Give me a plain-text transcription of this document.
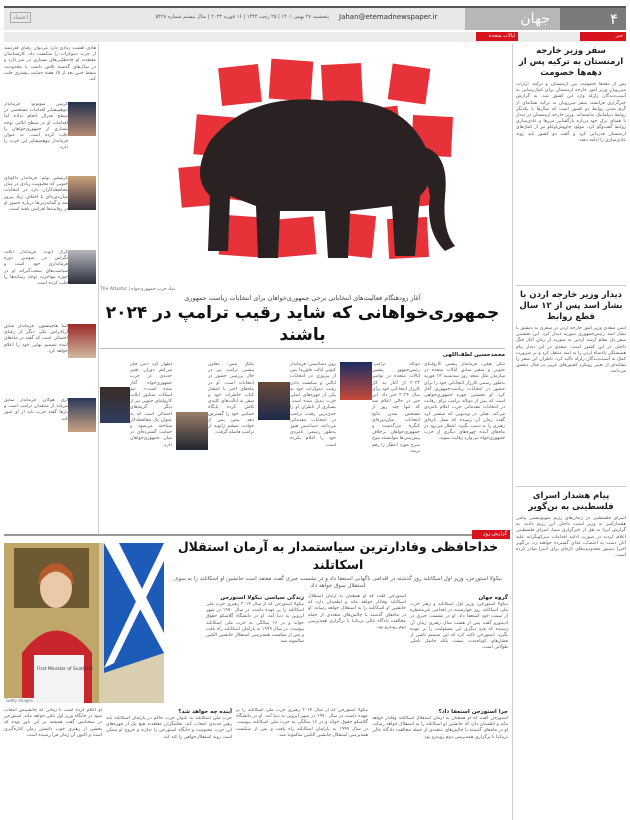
۴
جهان
Jahan@etemadnewspaper.ir
پنجشنبه ۲۷ بهمن ۱۴۰۱ | ۲۵ رجب ۱۴۴۴ | ۱۶ فوریه ۲۰۲۳ | سال بیستم شماره ۵۴۲۸
اعتماد
خبر
ایالات متحده
سفر وزیر خارجه ارمنستان به ترکیه پس از دهه‌ها خصومت
پس از دهه‌ها خصومت بین ارمنستان و ترکیه، آرارات میرزویان وزیر امور خارجه ارمنستان برای کمک‌رسانی به آسیب‌دیدگان زلزله وارد این کشور شد. به گزارش خبرگزاری فرانسه، سفر میرزویان به ترکیه نشانه‌ای از گرم شدن روابط دو کشور است که سال‌ها با یکدیگر روابط دیپلماتیک نداشته‌اند. وزیر خارجه ارمنستان در دیدار با همتای ترک خود درباره بازگشایی مرزها و عادی‌سازی روابط گفت‌وگو کرد. مولود چاووش‌اوغلو نیز از کمک‌های ارمنستان قدردانی کرد و گفت دو کشور باید روند عادی‌سازی را ادامه دهند.
دیدار وزیر خارجه اردن با بشار اسد پس از ۱۲ سال قطع روابط
ایمن صفدی وزیر امور خارجه اردن در سفری به دمشق با بشار اسد رئیس‌جمهوری سوریه دیدار کرد. این نخستین سفر یک مقام ارشد اردنی به سوریه از زمان آغاز جنگ داخلی در این کشور است. صفدی در این دیدار پیام همبستگی پادشاه اردن را به اسد منتقل کرد و بر ضرورت کمک به آسیب‌دیدگان زلزله تاکید کرد. ناظران این سفر را نشانه‌ای از تغییر رویکرد کشورهای عربی در قبال دمشق می‌دانند.
پیام هشدار اسرای فلسطینی به بن‌گویر
اسرای فلسطینی در زندان‌های رژیم صهیونیستی پیامی هشدارآمیز به وزیر امنیت داخلی این رژیم دادند. به گزارش ایرنا به نقل از خبرگزاری سما، اسرای فلسطینی اعلام کردند در صورت ادامه اقدامات سرکوبگرانه علیه آنان دست به اعتصاب غذای گسترده خواهند زد. بن‌گویر اخیرا دستور محدودیت‌های تازه‌ای برای اسرا صادر کرده است.
نماد حزب جمهوری‌خواه | The Atlantic
آغاز زودهنگام فعالیت‌های انتخاباتی برخی جمهوری‌خواهان برای انتخابات ریاست جمهوری
جمهوری‌خواهانی که شاید رقیب ترامپ در ۲۰۲۴ باشند
محمدحسین لطف‌اللهی
نیکی هیلی، فرماندار پیشین کارولینای جنوبی و سفیر سابق ایالات متحده در سازمان ملل متحد روز سه‌شنبه ۱۴ فوریه به‌طور رسمی کارزار انتخاباتی خود را برای حضور در انتخابات ریاست‌جمهوری آغاز کرد. او نخستین چهره جمهوری‌خواهی است که پس از دونالد ترامپ برای رقابت در انتخابات مقدماتی حزب اعلام نامزدی می‌کند. هیلی در ویدیویی که منتشر کرد گفت زمان آن رسیده که نسل تازه‌ای رهبری را به دست بگیرد. انتظار می‌رود در ماه‌های آینده چهره‌های دیگری از حزب جمهوری‌خواه نیز وارد رقابت شوند.
دونالد ترامپ: رئیس‌جمهور پیشین ایالات متحده در نوامبر ۲۰۲۲ از آغاز به کار کارزار انتخاباتی خود برای سال ۲۰۲۴ خبر داد. این خبر در حالی اعلام شد که تنها چند روز از مشخص شدن نتایج انتخابات میان‌دوره‌ای کنگره می‌گذشت و جمهوری‌خواهان برخلاف پیش‌بینی‌ها نتوانستند موج سرخ مورد انتظار را رقم بزنند.
رون دسانتیس: فرماندار کنونی ایالت فلوریدا پس از پیروزی در انتخابات ایالتی و شکست دادن رقیب دموکرات خود به یکی از چهره‌های اصلی حزب تبدیل شده است. بسیاری از ناظران او را جدی‌ترین رقیب ترامپ در انتخابات مقدماتی می‌دانند. دسانتیس هنوز به‌طور رسمی نامزدی خود را اعلام نکرده است.
مایک پنس: معاون پیشین ترامپ نیز در حال بررسی حضور در انتخابات است. او در ماه‌های اخیر با انتشار کتاب خاطرات خود و سفر به ایالت‌های کلیدی تلاش کرده پایگاه حمایتی خود را گسترش دهد. پنس پس از حوادث ششم ژانویه از ترامپ فاصله گرفت.
اظهار کرد «من فکر می‌کنم دوران تغییر جدیدی در حزب جمهوری‌خواه آغاز شده است». تیم اسکات سناتور ایالت کارولینای جنوبی نیز از دیگر گزینه‌های احتمالی است که به عنوان یک محافظه‌کار شناخته می‌شود و حمایت گسترده‌ای در میان جمهوری‌خواهان دارد.
هادی اهمیت زیادی دارد می‌توان رقبای قدرتمند از حزب دموکرات را شکست داد. کارشناسان معتقدند او چاه‌طلبی‌های بسیاری در سر دارد و در سال‌های گذشته تلاش داشت با محدودیت سقط جنین بعد از ۱۵ هفته حمایت بیشتری جلب کند.
کریس سونونو: فرماندار نیوهمپشایر اقدامات مشخصی در سطح فدرال انجام نداده اما اقدامات او در سطح ایالتی توجه بسیاری از جمهوری‌خواهان را جلب کرده است. به عنوان فرماندار نیوهمپشایر این حزب را دارد.
کریستی نوئم: فرماندار داکوتای جنوبی که محبوبیت زیادی در میان محافظه‌کاران دارد در انتخابات میان‌دوره‌ای با اختلاف زیاد پیروز شد و گمانه‌زنی‌ها درباره حضور او در رقابت‌ها افزایش یافته است.
گرگ ابوت: فرماندار ایالت تگزاس در سومین دوره فرمانداری خود است و سیاست‌های سخت‌گیرانه او در حوزه مهاجرت توجه رسانه‌ها را جلب کرده است.
آسا هاچینسون: فرماندار سابق آرکانزاس یکی دیگر از رقبای احتمالی است که گفته در ماه‌های آینده تصمیم نهایی خود را اعلام خواهد کرد.
لری هوگان: فرماندار سابق مریلند از منتقدان ترامپ است و بارها گفته حزب باید از او عبور کند.
گزارش روز
First Minister of Scotland
Getty Images
خداحافظی وفادارترین سیاستمدار به آرمان استقلال اسکاتلند
نیکولا استورجن، وزیر اول اسکاتلند روز گذشته در اقدامی ناگهانی استعفا داد و در نشست خبری گفت معتقد است جانشین او اسکاتلند را به سوی استقلال سوق خواهد داد
گروه جهان
نیکولا استورجن، وزیر اول اسکاتلند و رهبر حزب ملی اسکاتلند روز چهارشنبه در اقدامی غیرمنتظره از سمت خود استعفا داد. او در نشست خبری در ادینبورو گفت پس از هشت سال رهبری زمان آن رسیده که فرد دیگری این مسئولیت را بر عهده بگیرد. استورجن تاکید کرد که این تصمیم ناشی از فشارهای کوتاه‌مدت نیست بلکه حاصل تاملی طولانی است.
استورجن گفت که او همچنان به آرمان استقلال اسکاتلند وفادار خواهد ماند و اطمینان دارد که جانشین او اسکاتلند را به استقلال خواهد رساند. او در ماه‌های گذشته با چالش‌های متعددی از جمله مخالفت دادگاه عالی بریتانیا با برگزاری همه‌پرسی دوم روبه‌رو بود.
زندگی سیاسی نیکولا استورجن
نیکولا استورجن که از سال ۲۰۱۴ رهبری حزب ملی اسکاتلند را بر عهده داشت در سال ۱۹۷۰ در شهر ایروین به دنیا آمد. او در دانشگاه گلاسکو حقوق خواند و در ۱۶ سالگی به حزب ملی اسکاتلند پیوست. در سال ۱۹۹۹ به پارلمان اسکاتلند راه یافت و پس از شکست همه‌پرسی استقلال جانشین الکس سالموند شد.
چرا استورجن استعفا داد؟
استورجن گفت که او همچنان به آرمان استقلال اسکاتلند وفادار خواهد ماند و اطمینان دارد که جانشین او اسکاتلند را به استقلال خواهد رساند. او در ماه‌های گذشته با چالش‌های متعددی از جمله مخالفت دادگاه عالی بریتانیا با برگزاری همه‌پرسی دوم روبه‌رو بود.
نیکولا استورجن که از سال ۲۰۱۴ رهبری حزب ملی اسکاتلند را بر عهده داشت در سال ۱۹۷۰ در شهر ایروین به دنیا آمد. او در دانشگاه گلاسکو حقوق خواند و در ۱۶ سالگی به حزب ملی اسکاتلند پیوست. در سال ۱۹۹۹ به پارلمان اسکاتلند راه یافت و پس از شکست همه‌پرسی استقلال جانشین الکس سالموند شد.
آینده چه خواهد شد؟
حزب ملی اسکاتلند به عنوان حزب حاکم در پارلمان اسکاتلند باید رهبر جدیدی انتخاب کند. تحلیلگران معتقدند هیچ یک از چهره‌های این حزب محبوبیت و جایگاه استورجن را ندارند و خروج او ممکن است روند استقلال‌خواهی را کند کند.
او اعلام کرده است تا زمانی که جانشینش انتخاب شود در جایگاه وزیر اول باقی خواهد ماند. استورجن در سخنانش گفت همیشه بر این باور بوده که بخشی از رهبری خوب دانستن زمان کناره‌گیری است و اکنون آن زمان فرا رسیده است.
